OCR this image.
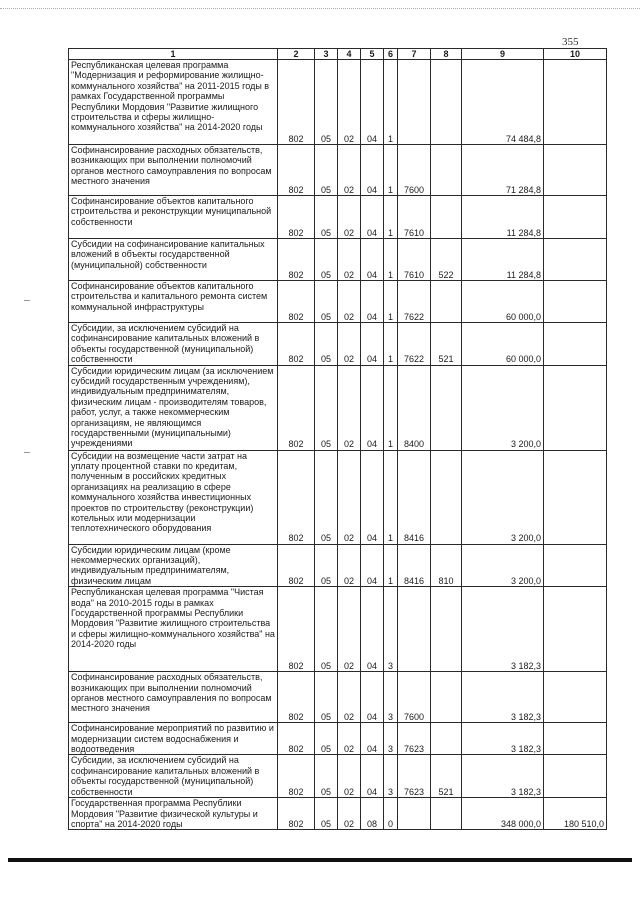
355
1	2	3	4	5	6	7	8	9	10
Республиканская целевая программа "Модернизация и реформирование жилищно-коммунального хозяйства" на 2011-2015 годы в рамках Государственной программы Республики Мордовия "Развитие жилищного строительства и сферы жилищно-коммунального хозяйства" на 2014-2020 годы	802	05	02	04	1			74 484,8	
Софинансирование расходных обязательств, возникающих при выполнении полномочий органов местного самоуправления по вопросам местного значения	802	05	02	04	1	7600		71 284,8	
Софинансирование объектов капитального строительства и реконструкции муниципальной собственности	802	05	02	04	1	7610		11 284,8	
Субсидии на софинансирование капитальных вложений в объекты государственной (муниципальной) собственности	802	05	02	04	1	7610	522	11 284,8	
Софинансирование объектов капитального строительства и капитального ремонта систем коммунальной инфраструктуры	802	05	02	04	1	7622		60 000,0	
Субсидии, за исключением субсидий на софинансирование капитальных вложений в объекты государственной (муниципальной) собственности	802	05	02	04	1	7622	521	60 000,0	
Субсидии юридическим лицам (за исключением субсидий государственным учреждениям), индивидуальным предпринимателям, физическим лицам - производителям товаров, работ, услуг, а также некоммерческим организациям, не являющимся государственными (муниципальными) учреждениями	802	05	02	04	1	8400		3 200,0	
Субсидии на возмещение части затрат на уплату процентной ставки по кредитам, полученным в российских кредитных организациях на реализацию в сфере коммунального хозяйства инвестиционных проектов по строительству (реконструкции) котельных или модернизации теплотехнического оборудования	802	05	02	04	1	8416		3 200,0	
Субсидии юридическим лицам (кроме некоммерческих организаций), индивидуальным предпринимателям, физическим лицам	802	05	02	04	1	8416	810	3 200,0	
Республиканская целевая программа "Чистая вода" на 2010-2015 годы в рамках Государственной программы Республики Мордовия "Развитие жилищного строительства и сферы жилищно-коммунального хозяйства" на 2014-2020 годы	802	05	02	04	3			3 182,3	
Софинансирование расходных обязательств, возникающих при выполнении полномочий органов местного самоуправления по вопросам местного значения	802	05	02	04	3	7600		3 182,3	
Софинансирование мероприятий по развитию и модернизации систем водоснабжения и водоотведения	802	05	02	04	3	7623		3 182,3	
Субсидии, за исключением субсидий на софинансирование капитальных вложений в объекты государственной (муниципальной) собственности	802	05	02	04	3	7623	521	3 182,3	
Государственная программа Республики Мордовия "Развитие физической культуры и спорта" на 2014-2020 годы	802	05	02	08	0			348 000,0	180 510,0
